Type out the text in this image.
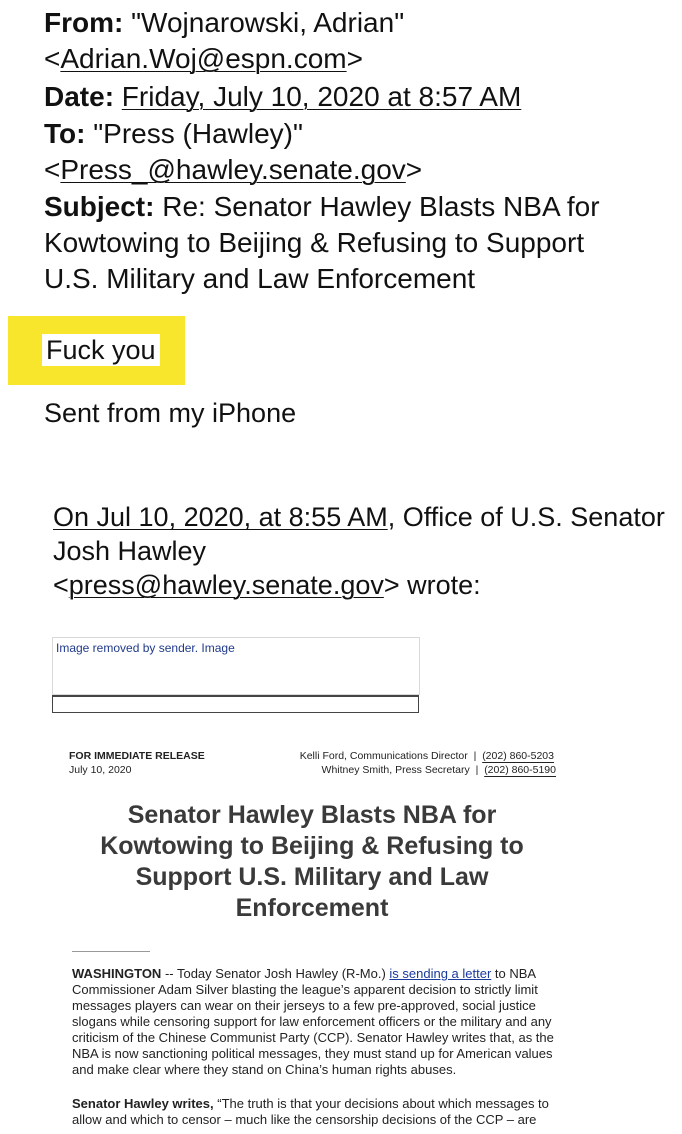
From: "Wojnarowski, Adrian"
<Adrian.Woj@espn.com>
Date: Friday, July 10, 2020 at 8:57 AM
To: "Press (Hawley)"
<Press_@hawley.senate.gov>
Subject: Re: Senator Hawley Blasts NBA for Kowtowing to Beijing & Refusing to Support U.S. Military and Law Enforcement
Fuck you
Sent from my iPhone
On Jul 10, 2020, at 8:55 AM, Office of U.S. Senator Josh Hawley
<press@hawley.senate.gov> wrote:
Image removed by sender. Image
FOR IMMEDIATE RELEASE
July 10, 2020
Kelli Ford, Communications Director | (202) 860-5203
Whitney Smith, Press Secretary | (202) 860-5190
Senator Hawley Blasts NBA for Kowtowing to Beijing & Refusing to Support U.S. Military and Law Enforcement
WASHINGTON -- Today Senator Josh Hawley (R-Mo.) is sending a letter to NBA Commissioner Adam Silver blasting the league’s apparent decision to strictly limit messages players can wear on their jerseys to a few pre-approved, social justice slogans while censoring support for law enforcement officers or the military and any criticism of the Chinese Communist Party (CCP). Senator Hawley writes that, as the NBA is now sanctioning political messages, they must stand up for American values and make clear where they stand on China’s human rights abuses.
Senator Hawley writes, “The truth is that your decisions about which messages to allow and which to censor – much like the censorship decisions of the CCP – are
